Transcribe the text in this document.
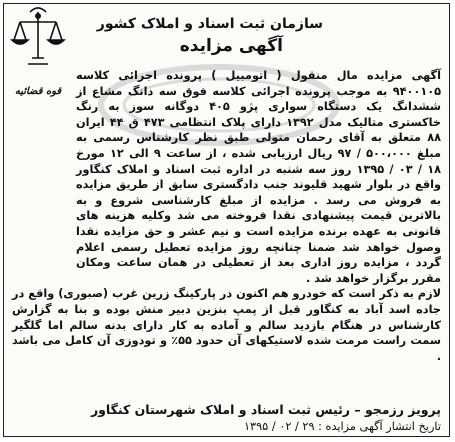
سازمان ثبت اسناد و املاک کشور
آگهی مزایده
قوه قضائیه

آگهی مزایده مال منقول ( اتومبیل ) پرونده اجرائی کلاسه ۹۴۰۰۱۰۵ به موجب پرونده اجرائی کلاسه فوق سه دانگ مشاع از ششدانگ یک دستگاه سواری پژو ۴۰۵ دوگانه سوز به رنگ خاکستری متالیک مدل ۱۳۹۲ دارای پلاک انتظامی ۴۷۳ ق ۴۴ ایران ۸۸ متعلق به آقای رحمان متولی طبق نظر کارشناس رسمی به مبلغ ۵۰۰،۰۰۰ / ۹۷ ریال ارزیابی شده ، از ساعت ۹ الی ۱۲ مورخ ۱۸ / ۰۳ / ۱۳۹۵ روز سه شنبه در اداره ثبت اسناد و املاک کنگاور واقع در بلوار شهید قلیوند جنب دادگستری سابق از طریق مزایده به فروش می رسد . مزایده از مبلغ کارشناسی شروع و به بالاترین قیمت پیشنهادی نقدا فروخته می شد وکلیه هزینه های قانونی به عهده برنده مزایده است و نیم عشر و حق مزایده نقدا وصول خواهد شد ضمنا چنانچه روز مزایده تعطیل رسمی اعلام گردد ، مزایده روز اداری بعد از تعطیلی در همان ساعت ومکان مقرر برگزار خواهد شد .

لازم به ذکر است که خودرو هم اکنون در پارکینگ زرین غرب (صبوری) واقع در جاده اسد آباد به کنگاور قبل از پمپ بنزین دبیر منش بوده و بنا به گزارش کارشناس در هنگام بازدید سالم و آماده به کار دارای بدنه سالم اما گلگیر سمت راست مرمت شده لاستیکهای آن حدود ۵۵٪ و تودوزی آن کامل می باشد .

پرویز رزمجو – رئیس ثبت اسناد و املاک شهرستان کنگاور
تاریخ انتشار آگهی مزایده : ۲۹ / ۰۲ / ۱۳۹۵
